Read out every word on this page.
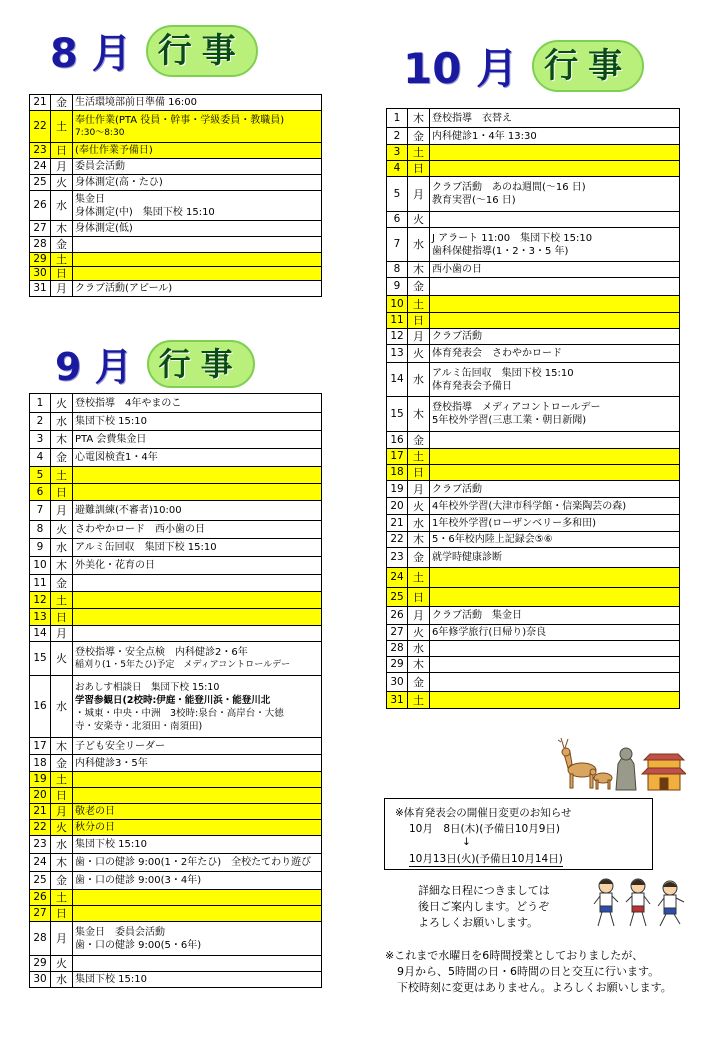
8 月 行事
9 月 行事
10 月 行事
21	金	生活環境部前日準備 16:00

22	土	奉仕作業(PTA 役員・幹事・学級委員・教職員)
7:30～8:30

23	日	(奉仕作業予備日)

24	月	委員会活動

25	火	身体測定(高・たひ)

26	水	集金日
身体測定(中)　集団下校 15:10

27	木	身体測定(低)

28	金	
29	土	
30	日	
31	月	クラブ活動(アピール)
1	火	登校指導　4年やまのこ

2	水	集団下校 15:10

3	木	PTA 会費集金日

4	金	心電図検査1・4年

5	土	
6	日	
7	月	避難訓練(不審者)10:00

8	火	さわやかロード　西小歯の日

9	水	アルミ缶回収　集団下校 15:10

10	木	外美化・花育の日

11	金	
12	土	
13	日	
14	月	
15	火	登校指導・安全点検　内科健診2・6年
稲刈り(1・5年たひ)予定　メディアコントロールデー

16	水	おあしす相談日　集団下校 15:10
学習参観日(2校時:伊庭・能登川浜・能登川北
・城東・中央・中洲　3校時:泉台・高岸台・大徳
寺・安楽寺・北須田・南須田)

17	木	子ども安全リーダー

18	金	内科健診3・5年

19	土	
20	日	
21	月	敬老の日

22	火	秋分の日

23	水	集団下校 15:10

24	木	歯・口の健診 9:00(1・2年たひ)　全校たてわり遊び

25	金	歯・口の健診 9:00(3・4年)

26	土	
27	日	
28	月	集金日　委員会活動
歯・口の健診 9:00(5・6年)

29	火	
30	水	集団下校 15:10
1	木	登校指導　衣替え

2	金	内科健診1・4年 13:30

3	土	
4	日	
5	月	クラブ活動　あのね週間(～16 日)
教育実習(～16 日)

6	火	
7	水	J アラート 11:00　集団下校 15:10
歯科保健指導(1・2・3・5 年)

8	木	西小歯の日

9	金	
10	土	
11	日	
12	月	クラブ活動

13	火	体育発表会　さわやかロード

14	水	アルミ缶回収　集団下校 15:10
体育発表会予備日

15	木	登校指導　メディアコントロールデー
5年校外学習(三恵工業・朝日新聞)

16	金	
17	土	
18	日	
19	月	クラブ活動

20	火	4年校外学習(大津市科学館・信楽陶芸の森)

21	水	1年校外学習(ローザンベリー多和田)

22	木	5・6年校内陸上記録会⑤⑥

23	金	就学時健康診断

24	土	
25	日	
26	月	クラブ活動　集金日

27	火	6年修学旅行(日帰り)奈良

28	水	
29	木	
30	金	
31	土	
※体育発表会の開催日変更のお知らせ
10月　8日(木)(予備日10月9日)
↓
10月13日(火)(予備日10月14日)
詳細な日程につきましては
後日ご案内します。どうぞ
よろしくお願いします。
※これまで水曜日を6時間授業としておりましたが、
9月から、5時間の日・6時間の日と交互に行います。
下校時刻に変更はありません。よろしくお願いします。
